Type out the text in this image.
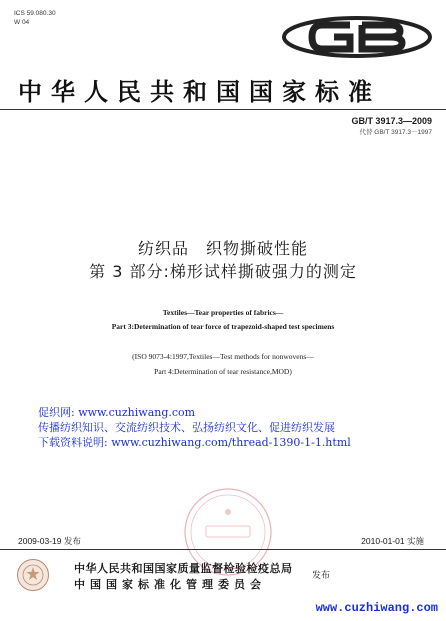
ICS 59.080.30
W 04
中华人民共和国国家标准
GB/T 3917.3—2009
代替 GB/T 3917.3－1997
纺织品　织物撕破性能
第 3 部分:梯形试样撕破强力的测定
Textiles—Tear properties of fabrics—
Part 3:Determination of tear force of trapezoid-shaped test specimens
(ISO 9073-4:1997,Textiles—Test methods for nonwovens—
Part 4:Determination of tear resistance,MOD)
促织网: www.cuzhiwang.com
传播纺织知识、交流纺织技术、弘扬纺织文化、促进纺织发展
下载资料说明: www.cuzhiwang.com/thread-1390-1-1.html
2009-03-19 发布	2010-01-01 实施
中华人民共和国国家质量监督检验检疫总局
中国国家标准化管理委员会
发布
www.cuzhiwang.com
